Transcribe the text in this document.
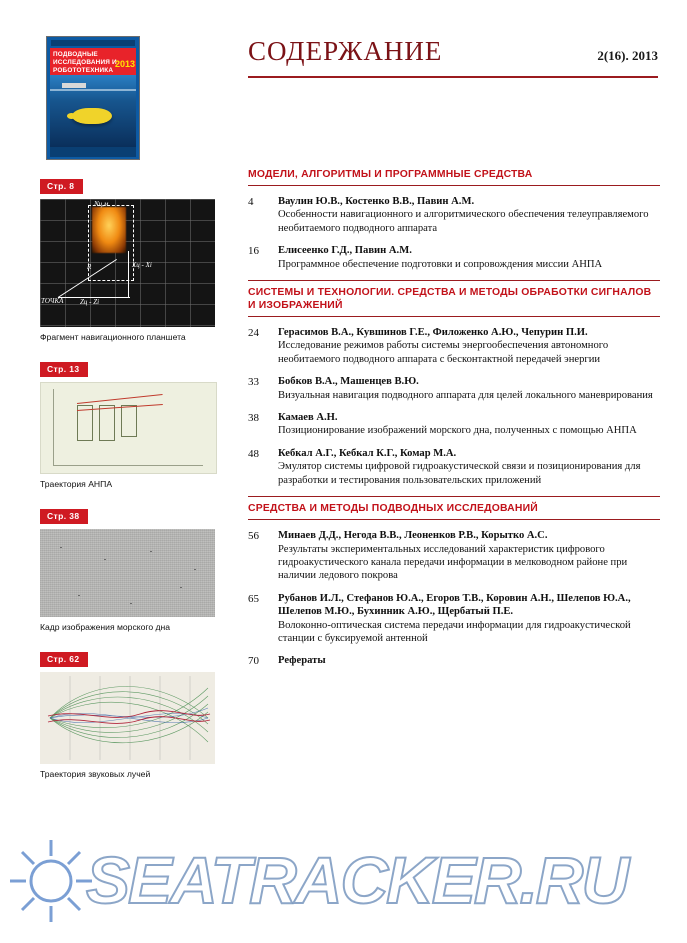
СОДЕРЖАНИЕ	2(16). 2013
ПОДВОДНЫЕ ИССЛЕДОВАНИЯ И РОБОТОТЕХНИКА
2013
Стр. 8
Nц,м
R	Хц - Хi
ТОЧКА Zц - Zi
Фрагмент навигационного планшета
Стр. 13
Траектория АНПА
Стр. 38
Кадр изображения морского дна
Стр. 62
Траектория звуковых лучей
МОДЕЛИ, АЛГОРИТМЫ И ПРОГРАММНЫЕ СРЕДСТВА
4	Ваулин Ю.В., Костенко В.В., Павин А.М.
Особенности навигационного и алгоритмического обеспечения телеуправляемого необитаемого подводного аппарата
16	Елисеенко Г.Д., Павин А.М.
Программное обеспечение подготовки и сопровождения миссии АНПА
СИСТЕМЫ И ТЕХНОЛОГИИ. СРЕДСТВА И МЕТОДЫ ОБРАБОТКИ СИГНАЛОВ И ИЗОБРАЖЕНИЙ
24	Герасимов В.А., Кувшинов Г.Е., Филоженко А.Ю., Чепурин П.И.
Исследование режимов работы системы энергообеспечения автономного необитаемого подводного аппарата с бесконтактной передачей энергии
33	Бобков В.А., Машенцев В.Ю.
Визуальная навигация подводного аппарата для целей локального маневрирования
38	Камаев А.Н.
Позиционирование изображений морского дна, полученных с помощью АНПА
48	Кебкал А.Г., Кебкал К.Г., Комар М.А.
Эмулятор системы цифровой гидроакустической связи и позиционирования для разработки и тестирования пользовательских приложений
СРЕДСТВА И МЕТОДЫ ПОДВОДНЫХ ИССЛЕДОВАНИЙ
56	Минаев Д.Д., Негода В.В., Леоненков Р.В., Корытко А.С.
Результаты экспериментальных исследований характеристик цифрового гидроакустического канала передачи информации в мелководном районе при наличии ледового покрова
65	Рубанов И.Л., Стефанов Ю.А., Егоров Т.В., Коровин А.Н., Шелепов Ю.А., Шелепов М.Ю., Бухинник А.Ю., Щербатый П.Е.
Волоконно-оптическая система передачи информации для гидроакустической станции с буксируемой антенной
70	Рефераты
SEATRACKER.RU
